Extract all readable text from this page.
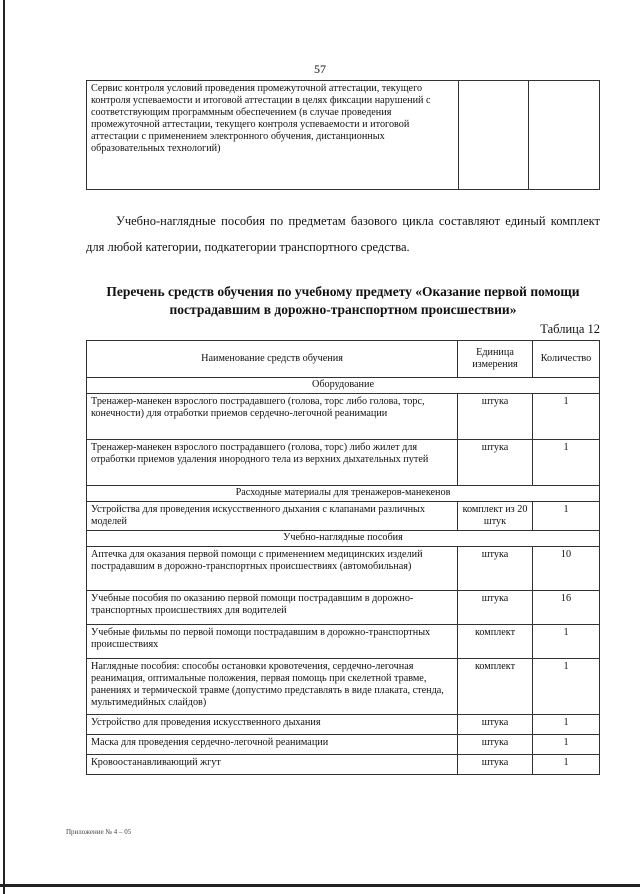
57
Сервис контроля условий проведения промежуточной аттестации, текущего контроля успеваемости и итоговой аттестации в целях фиксации нарушений с соответствующим программным обеспечением (в случае проведения промежуточной аттестации, текущего контроля успеваемости и итоговой аттестации с применением электронного обучения, дистанционных образовательных технологий)		
Учебно-наглядные пособия по предметам базового цикла составляют единый комплект для любой категории, подкатегории транспортного средства.
Перечень средств обучения по учебному предмету «Оказание первой помощи пострадавшим в дорожно-транспортном происшествии»
Таблица 12
Наименование средств обучения	Единица измерения	Количество
Оборудование		
Тренажер-манекен взрослого пострадавшего (голова, торс либо голова, торс, конечности) для отработки приемов сердечно-легочной реанимации	штука	1
Тренажер-манекен взрослого пострадавшего (голова, торс) либо жилет для отработки приемов удаления инородного тела из верхних дыхательных путей	штука	1
Расходные материалы для тренажеров-манекенов		
Устройства для проведения искусственного дыхания с клапанами различных моделей	комплект из 20 штук	1
Учебно-наглядные пособия		
Аптечка для оказания первой помощи с применением медицинских изделий пострадавшим в дорожно-транспортных происшествиях (автомобильная)	штука	10
Учебные пособия по оказанию первой помощи пострадавшим в дорожно-транспортных происшествиях для водителей	штука	16
Учебные фильмы по первой помощи пострадавшим в дорожно-транспортных происшествиях	комплект	1
Наглядные пособия: способы остановки кровотечения, сердечно-легочная реанимация, оптимальные положения, первая помощь при скелетной травме, ранениях и термической травме (допустимо представлять в виде плаката, стенда, мультимедийных слайдов)	комплект	1
Устройство для проведения искусственного дыхания	штука	1
Маска для проведения сердечно-легочной реанимации	штука	1
Кровоостанавливающий жгут	штука	1
Приложение № 4 – 05
